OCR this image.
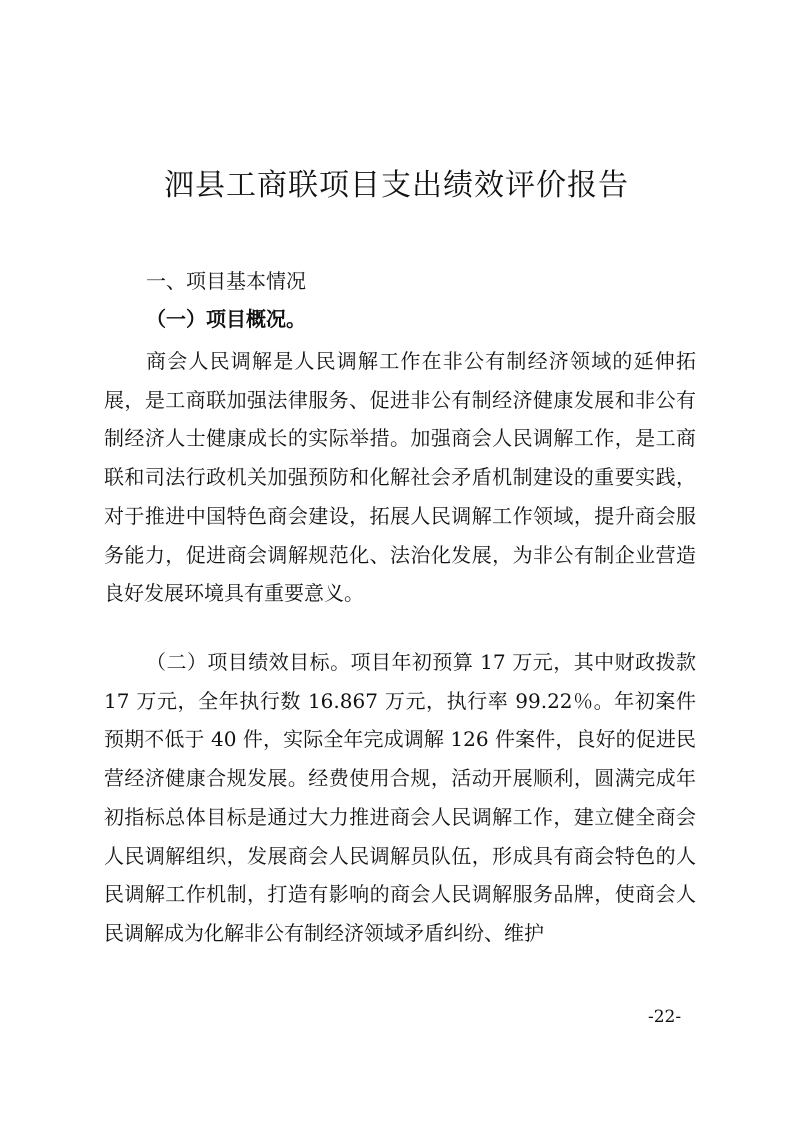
泗县工商联项目支出绩效评价报告
一、项目基本情况
（一）项目概况。

商会人民调解是人民调解工作在非公有制经济领域的延伸拓展，是工商联加强法律服务、促进非公有制经济健康发展和非公有制经济人士健康成长的实际举措。加强商会人民调解工作，是工商联和司法行政机关加强预防和化解社会矛盾机制建设的重要实践，对于推进中国特色商会建设，拓展人民调解工作领域，提升商会服务能力，促进商会调解规范化、法治化发展，为非公有制企业营造良好发展环境具有重要意义。

（二）项目绩效目标。项目年初预算 17 万元，其中财政拨款 17 万元，全年执行数 16.867 万元，执行率 99.22％。年初案件预期不低于 40 件，实际全年完成调解 126 件案件，良好的促进民营经济健康合规发展。经费使用合规，活动开展顺利，圆满完成年初指标总体目标是通过大力推进商会人民调解工作，建立健全商会人民调解组织，发展商会人民调解员队伍，形成具有商会特色的人民调解工作机制，打造有影响的商会人民调解服务品牌，使商会人民调解成为化解非公有制经济领域矛盾纠纷、维护

-22-
